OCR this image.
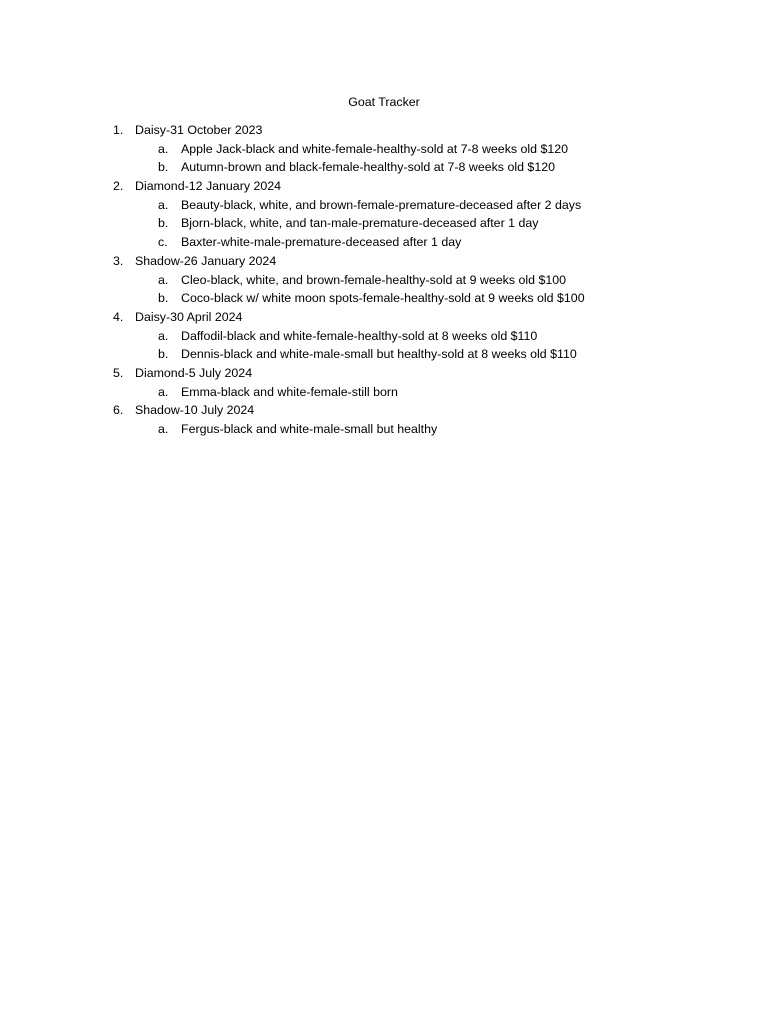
Goat Tracker
1. Daisy-31 October 2023
a. Apple Jack-black and white-female-healthy-sold at 7-8 weeks old $120
b. Autumn-brown and black-female-healthy-sold at 7-8 weeks old $120
2. Diamond-12 January 2024
a. Beauty-black, white, and brown-female-premature-deceased after 2 days
b. Bjorn-black, white, and tan-male-premature-deceased after 1 day
c. Baxter-white-male-premature-deceased after 1 day
3. Shadow-26 January 2024
a. Cleo-black, white, and brown-female-healthy-sold at 9 weeks old $100
b. Coco-black w/ white moon spots-female-healthy-sold at 9 weeks old $100
4. Daisy-30 April 2024
a. Daffodil-black and white-female-healthy-sold at 8 weeks old $110
b. Dennis-black and white-male-small but healthy-sold at 8 weeks old $110
5. Diamond-5 July 2024
a. Emma-black and white-female-still born
6. Shadow-10 July 2024
a. Fergus-black and white-male-small but healthy
